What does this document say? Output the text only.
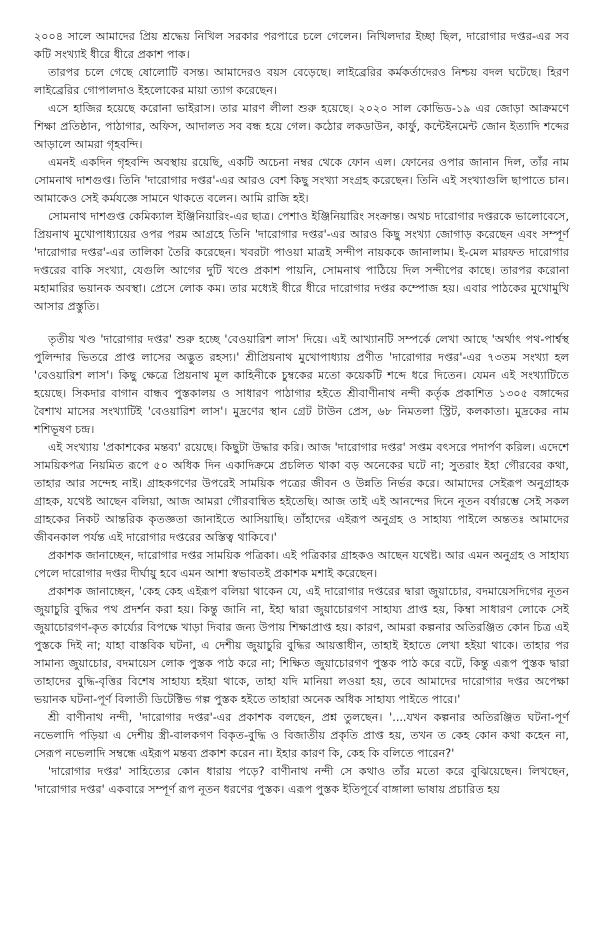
২০০৪ সালে আমাদের প্রিয় শ্রদ্ধেয় নিখিল সরকার পরপারে চলে গেলেন। নিখিলদার ইচ্ছা ছিল, দারোগার দপ্তর-এর সব কটি সংখ্যাই ধীরে ধীরে প্রকাশ পাক।

তারপর চলে গেছে ষোলোটি বসন্ত। আমাদেরও বয়স বেড়েছে। লাইব্রেরির কর্মকর্তাদেরও নিশ্চয় বদল ঘটেছে। হিরণ লাইব্রেরির গোপালদাও ইহলোকের মায়া ত্যাগ করেছেন।

এসে হাজির হয়েছে করোনা ভাইরাস। তার মারণ লীলা শুরু হয়েছে। ২০২০ সাল কোভিড-১৯ এর জোড়া আক্রমণে শিক্ষা প্রতিষ্ঠান, পাঠাগার, অফিস, আদালত সব বন্ধ হয়ে গেল। কঠোর লকডাউন, কার্ফু, কন্টেইনমেন্ট জোন ইত্যাদি শব্দের আড়ালে আমরা গৃহবন্দি।

এমনই একদিন গৃহবন্দি অবস্থায় রয়েছি, একটি অচেনা নম্বর থেকে ফোন এল। ফোনের ওপার জানান দিল, তাঁর নাম সোমনাথ দাশগুপ্ত। তিনি 'দারোগার দপ্তর'-এর আরও বেশ কিছু সংখ্যা সংগ্রহ করেছেন। তিনি এই সংখ্যাগুলি ছাপাতে চান। আমাকেও সেই কর্মযজ্ঞে সামনে থাকতে বলেন। আমি রাজি হই।

সোমনাথ দাশগুপ্ত কেমিক্যাল ইঞ্জিনিয়ারিং-এর ছাত্র। পেশাও ইঞ্জিনিয়ারিং সংক্রান্ত। অথচ দারোগার দপ্তরকে ভালোবেসে, প্রিয়নাথ মুখোপাধ্যায়ের ওপর পরম আগ্রহে তিনি 'দারোগার দপ্তর'-এর আরও কিছু সংখ্যা জোগাড় করেছেন এবং সম্পূর্ণ 'দারোগার দপ্তর'-এর তালিকা তৈরি করেছেন। খবরটা পাওয়া মাত্রই সন্দীপ নায়ককে জানালাম। ই-মেল মারফত দারোগার দপ্তরের বাকি সংখ্যা, যেগুলি আগের দুটি খণ্ডে প্রকাশ পায়নি, সোমনাথ পাঠিয়ে দিল সন্দীপের কাছে। তারপর করোনা মহামারির ভয়ানক অবস্থা। প্রেসে লোক কম। তার মধ্যেই ধীরে ধীরে দারোগার দপ্তর কম্পোজ হয়। এবার পাঠকের মুখোমুখি আসার প্রস্তুতি।

তৃতীয় খণ্ড 'দারোগার দপ্তর' শুরু হচ্ছে 'বেওয়ারিশ লাস' দিয়ে। এই আখ্যানটি সম্পর্কে লেখা আছে 'অর্থাৎ পথ-পার্শ্বস্থ পুলিন্দার ভিতরে প্রাপ্ত লাসের অদ্ভুত রহস্য।' শ্রীপ্রিয়নাথ মুখোপাধ্যায় প্রণীত 'দারোগার দপ্তর'-এর ৭৩তম সংখ্যা হল 'বেওয়ারিশ লাস'। কিছু ক্ষেত্রে প্রিয়নাথ মূল কাহিনীকে চুম্বকের মতো কয়েকটি শব্দে ধরে দিতেন। যেমন এই সংখ্যাটিতে হয়েছে। সিকদার বাগান বান্ধব পুস্তকালয় ও সাধারণ পাঠাগার হইতে শ্রীবাণীনাথ নন্দী কর্তৃক প্রকাশিত ১৩০৫ বঙ্গাব্দের বৈশাখ মাসের সংখ্যাটিই 'বেওয়ারিশ লাস'। মুদ্রণের স্থান গ্রেট টাউন প্রেস, ৬৮ নিমতলা স্ট্রিট, কলকাতা। মুদ্রকের নাম শশিভূষণ চন্দ্র।

এই সংখ্যায় 'প্রকাশকের মন্তব্য' রয়েছে। কিছুটা উদ্ধার করি। আজ 'দারোগার দপ্তর' সপ্তম বৎসরে পদার্পণ করিল। এদেশে সাময়িকপত্র নিয়মিত রূপে ৫০ অধিক দিন একাদিক্রমে প্রচলিত থাকা বড় অনেকের ঘটে না; সুতরাং ইহা গৌরবের কথা, তাহার আর সন্দেহ নাই। গ্রাহকগণের উপরেই সাময়িক পত্রের জীবন ও উন্নতি নির্ভর করে। আমাদের সেইরূপ অনুগ্রাহক গ্রাহক, যথেষ্ট আছেন বলিয়া, আজ আমরা গৌরবান্বিত হইতেছি। আজ তাই এই আনন্দের দিনে নূতন বর্ষারম্ভে সেই সকল গ্রাহকের নিকট আন্তরিক কৃতজ্ঞতা জানাইতে আসিয়াছি। তাঁহাদের এইরূপ অনুগ্রহ ও সাহায্য পাইলে অন্ততঃ আমাদের জীবনকাল পর্যন্ত এই দারোগার দপ্তরের অস্তিত্ব থাকিবে।'

প্রকাশক জানাচ্ছেন, দারোগার দপ্তর সাময়িক পত্রিকা। এই পত্রিকার গ্রাহকও আছেন যথেষ্ট। আর এমন অনুগ্রহ ও সাহায্য পেলে দারোগার দপ্তর দীর্ঘায়ু হবে এমন আশা স্বভাবতই প্রকাশক মশাই করেছেন।

প্রকাশক জানাচ্ছেন, 'কেহ কেহ এইরূপ বলিয়া থাকেন যে, এই দারোগার দপ্তরের দ্বারা জুয়াচোর, বদমায়েসদিগের নূতন জুয়াচুরি বুদ্ধির পথ প্রদর্শন করা হয়। কিন্তু জানি না, ইহা দ্বারা জুয়াচোরগণ সাহায্য প্রাপ্ত হয়, কিম্বা সাধারণ লোকে সেই জুয়াচোরগণ-কৃত কার্য্যের বিপক্ষে খাড়া দিবার জন্য উপায় শিক্ষাপ্রাপ্ত হয়। কারণ, আমরা কল্পনার অতিরঞ্জিত কোন চিত্র এই পুস্তকে দিই না; যাহা বাস্তবিক ঘটনা, এ দেশীয় জুয়াচুরি বুদ্ধির আয়ত্তাধীন, তাহাই ইহাতে লেখা হইয়া থাকে। তাহার পর সামান্য জুয়াচোর, বদমায়েস লোক পুস্তক পাঠ করে না; শিক্ষিত জুয়াচোরগণ পুস্তক পাঠ করে বটে, কিন্তু এরূপ পুস্তক দ্বারা তাহাদের বুদ্ধি-বৃত্তির বিশেষ সাহায্য হইয়া থাকে, তাহা যদি মানিয়া লওয়া হয়, তবে আমাদের দারোগার দপ্তর অপেক্ষা ভয়ানক ঘটনা-পূর্ণ বিলাতী ডিটেক্টিভ গল্প পুস্তক হইতে তাহারা অনেক অধিক সাহায্য পাইতে পারে।'

শ্রী বাণীনাথ নন্দী, 'দারোগার দপ্তর'-এর প্রকাশক বলছেন, প্রশ্ন তুলছেন। '....যখন কল্পনার অতিরঞ্জিত ঘটনা-পূর্ণ নভেলাদি পড়িয়া এ দেশীয় স্ত্রী-বালকগণ বিকৃত-বুদ্ধি ও বিজাতীয় প্রকৃতি প্রাপ্ত হয়, তখন ত কেহ কোন কথা কহেন না, সেরূপ নভেলাদি সম্বন্ধে এইরূপ মন্তব্য প্রকাশ করেন না। ইহার কারণ কি, কেহ কি বলিতে পারেন?'

'দারোগার দপ্তর' সাহিত্যের কোন ধারায় পড়ে? বাণীনাথ নন্দী সে কথাও তাঁর মতো করে বুঝিয়েছেন। লিখছেন, 'দারোগার দপ্তর' একবারে সম্পূর্ণ রূপ নূতন ধরণের পুস্তক। এরূপ পুস্তক ইতিপূর্বে বাঙ্গালা ভাষায় প্রচারিত হয়
